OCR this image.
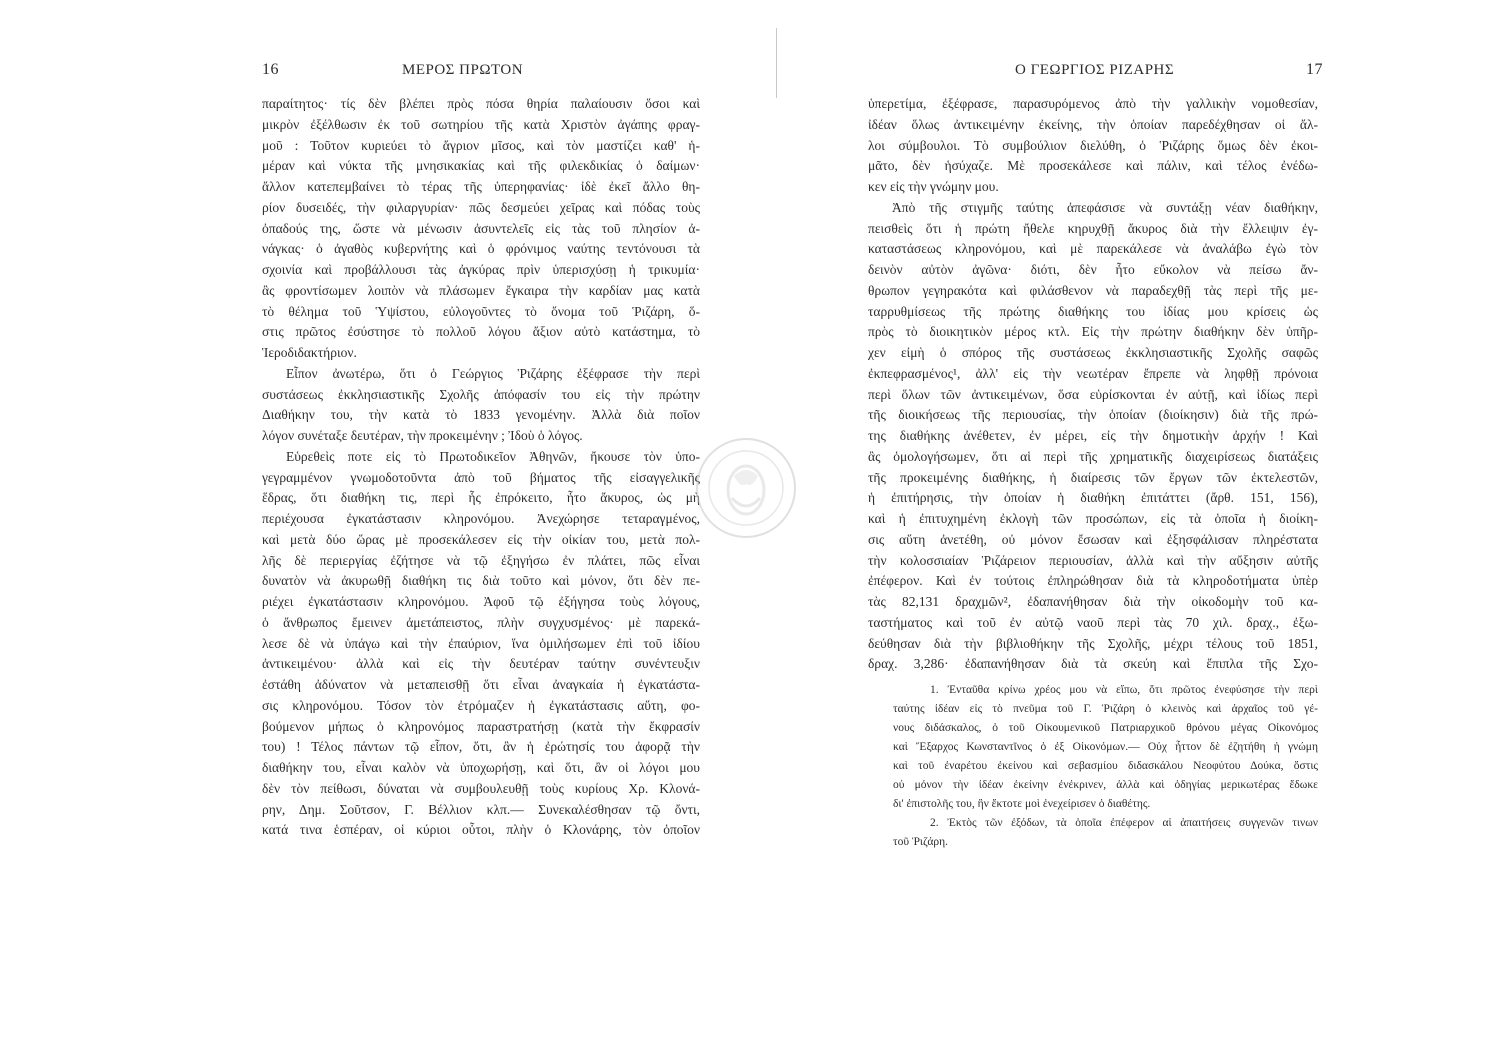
16	ΜΕΡΟΣ ΠΡΩΤΟΝ
παραίτητος· τίς δὲν βλέπει πρὸς πόσα θηρία παλαίουσιν ὅσοι καὶ
μικρὸν ἐξέλθωσιν ἐκ τοῦ σωτηρίου τῆς κατὰ Χριστὸν ἀγάπης φραγ-
μοῦ : Τοῦτον κυριεύει τὸ ἄγριον μῖσος, καὶ τὸν μαστίζει καθ' ἡ-
μέραν καὶ νύκτα τῆς μνησικακίας καὶ τῆς φιλεκδικίας ὁ δαίμων·
ἄλλον κατεπεμβαίνει τὸ τέρας τῆς ὑπερηφανίας· ἰδὲ ἐκεῖ ἄλλο θη-
ρίον δυσειδές, τὴν φιλαργυρίαν· πῶς δεσμεύει χεῖρας καὶ πόδας τοὺς
ὀπαδούς της, ὥστε νὰ μένωσιν ἀσυντελεῖς εἰς τὰς τοῦ πλησίον ἀ-
νάγκας· ὁ ἀγαθὸς κυβερνήτης καὶ ὁ φρόνιμος ναύτης τεντόνουσι τὰ
σχοινία καὶ προβάλλουσι τὰς ἀγκύρας πρὶν ὑπερισχύσῃ ἡ τρικυμία·
ἂς φροντίσωμεν λοιπὸν νὰ πλάσωμεν ἔγκαιρα τὴν καρδίαν μας κατὰ
τὸ θέλημα τοῦ Ὑψίστου, εὐλογοῦντες τὸ ὄνομα τοῦ Ῥιζάρη, ὅ-
στις πρῶτος ἐσύστησε τὸ πολλοῦ λόγου ἄξιον αὐτὸ κατάστημα, τὸ
Ἱεροδιδακτήριον.
Εἶπον ἀνωτέρω, ὅτι ὁ Γεώργιος Ῥιζάρης ἐξέφρασε τὴν περὶ
συστάσεως ἐκκλησιαστικῆς Σχολῆς ἀπόφασίν του εἰς τὴν πρώτην
Διαθήκην του, τὴν κατὰ τὸ 1833 γενομένην. Ἀλλὰ διὰ ποῖον
λόγον συνέταξε δευτέραν, τὴν προκειμένην ; Ἰδοὺ ὁ λόγος.
Εὑρεθεὶς ποτε εἰς τὸ Πρωτοδικεῖον Ἀθηνῶν, ἤκουσε τὸν ὑπο-
γεγραμμένον γνωμοδοτοῦντα ἀπὸ τοῦ βήματος τῆς εἰσαγγελικῆς
ἕδρας, ὅτι διαθήκη τις, περὶ ἧς ἐπρόκειτο, ἦτο ἄκυρος, ὡς μὴ
περιέχουσα ἐγκατάστασιν κληρονόμου. Ἀνεχώρησε τεταραγμένος,
καὶ μετὰ δύο ὥρας μὲ προσεκάλεσεν εἰς τὴν οἰκίαν του, μετὰ πολ-
λῆς δὲ περιεργίας ἐζήτησε νὰ τῷ ἐξηγήσω ἐν πλάτει, πῶς εἶναι
δυνατὸν νὰ ἀκυρωθῇ διαθήκη τις διὰ τοῦτο καὶ μόνον, ὅτι δὲν πε-
ριέχει ἐγκατάστασιν κληρονόμου. Ἀφοῦ τῷ ἐξήγησα τοὺς λόγους,
ὁ ἄνθρωπος ἔμεινεν ἀμετάπειστος, πλὴν συγχυσμένος· μὲ παρεκά-
λεσε δὲ νὰ ὑπάγω καὶ τὴν ἐπαύριον, ἵνα ὁμιλήσωμεν ἐπὶ τοῦ ἰδίου
ἀντικειμένου· ἀλλὰ καὶ εἰς τὴν δευτέραν ταύτην συνέντευξιν
ἐστάθη ἀδύνατον νὰ μεταπεισθῇ ὅτι εἶναι ἀναγκαία ἡ ἐγκατάστα-
σις κληρονόμου. Τόσον τὸν ἐτρόμαζεν ἡ ἐγκατάστασις αὕτη, φο-
βούμενον μήπως ὁ κληρονόμος παραστρατήσῃ (κατὰ τὴν ἔκφρασίν
του) ! Τέλος πάντων τῷ εἶπον, ὅτι, ἂν ἡ ἐρώτησίς του ἀφορᾷ τὴν
διαθήκην του, εἶναι καλὸν νὰ ὑποχωρήσῃ, καὶ ὅτι, ἂν οἱ λόγοι μου
δὲν τὸν πείθωσι, δύναται νὰ συμβουλευθῇ τοὺς κυρίους Χρ. Κλονά-
ρην, Δημ. Σοῦτσον, Γ. Βέλλιον κλπ.— Συνεκαλέσθησαν τῷ ὄντι,
κατά τινα ἑσπέραν, οἱ κύριοι οὗτοι, πλὴν ὁ Κλονάρης, τὸν ὁποῖον
Ο ΓΕΩΡΓΙΟΣ ΡΙΖΑΡΗΣ	17
ὑπερετίμα, ἐξέφρασε, παρασυρόμενος ἀπὸ τὴν γαλλικὴν νομοθεσίαν,
ἰδέαν ὅλως ἀντικειμένην ἐκείνης, τὴν ὁποίαν παρεδέχθησαν οἱ ἄλ-
λοι σύμβουλοι. Τὸ συμβούλιον διελύθη, ὁ Ῥιζάρης ὅμως δὲν ἐκοι-
μᾶτο, δὲν ἡσύχαζε. Μὲ προσεκάλεσε καὶ πάλιν, καὶ τέλος ἐνέδω-
κεν εἰς τὴν γνώμην μου.
Ἀπὸ τῆς στιγμῆς ταύτης ἀπεφάσισε νὰ συντάξῃ νέαν διαθήκην,
πεισθεὶς ὅτι ἡ πρώτη ἤθελε κηρυχθῇ ἄκυρος διὰ τὴν ἔλλειψιν ἐγ-
καταστάσεως κληρονόμου, καὶ μὲ παρεκάλεσε νὰ ἀναλάβω ἐγὼ τὸν
δεινὸν αὐτὸν ἀγῶνα· διότι, δὲν ἦτο εὔκολον νὰ πείσω ἄν-
θρωπον γεγηρακότα καὶ φιλάσθενον νὰ παραδεχθῇ τὰς περὶ τῆς με-
ταρρυθμίσεως τῆς πρώτης διαθήκης του ἰδίας μου κρίσεις ὡς
πρὸς τὸ διοικητικὸν μέρος κτλ. Εἰς τὴν πρώτην διαθήκην δὲν ὑπῆρ-
χεν εἰμὴ ὁ σπόρος τῆς συστάσεως ἐκκλησιαστικῆς Σχολῆς σαφῶς
ἐκπεφρασμένος¹, ἀλλ' εἰς τὴν νεωτέραν ἔπρεπε νὰ ληφθῇ πρόνοια
περὶ ὅλων τῶν ἀντικειμένων, ὅσα εὑρίσκονται ἐν αὐτῇ, καὶ ἰδίως περὶ
τῆς διοικήσεως τῆς περιουσίας, τὴν ὁποίαν (διοίκησιν) διὰ τῆς πρώ-
της διαθήκης ἀνέθετεν, ἐν μέρει, εἰς τὴν δημοτικὴν ἀρχήν ! Καὶ
ἂς ὁμολογήσωμεν, ὅτι αἱ περὶ τῆς χρηματικῆς διαχειρίσεως διατάξεις
τῆς προκειμένης διαθήκης, ἡ διαίρεσις τῶν ἔργων τῶν ἐκτελεστῶν,
ἡ ἐπιτήρησις, τὴν ὁποίαν ἡ διαθήκη ἐπιτάττει (ἄρθ. 151, 156),
καὶ ἡ ἐπιτυχημένη ἐκλογὴ τῶν προσώπων, εἰς τὰ ὁποῖα ἡ διοίκη-
σις αὕτη ἀνετέθη, οὐ μόνον ἔσωσαν καὶ ἐξησφάλισαν πληρέστατα
τὴν κολοσσιαίαν Ῥιζάρειον περιουσίαν, ἀλλὰ καὶ τὴν αὔξησιν αὐτῆς
ἐπέφερον. Καὶ ἐν τούτοις ἐπληρώθησαν διὰ τὰ κληροδοτήματα ὑπὲρ
τὰς 82,131 δραχμῶν², ἐδαπανήθησαν διὰ τὴν οἰκοδομὴν τοῦ κα-
ταστήματος καὶ τοῦ ἐν αὐτῷ ναοῦ περὶ τὰς 70 χιλ. δραχ., ἐξω-
δεύθησαν διὰ τὴν βιβλιοθήκην τῆς Σχολῆς, μέχρι τέλους τοῦ 1851,
δραχ. 3,286· ἐδαπανήθησαν διὰ τὰ σκεύη καὶ ἔπιπλα τῆς Σχο-
1. Ἐνταῦθα κρίνω χρέος μου νὰ εἴπω, ὅτι πρῶτος ἐνεφύσησε τὴν περὶ
ταύτης ἰδέαν εἰς τὸ πνεῦμα τοῦ Γ. Ῥιζάρη ὁ κλεινὸς καὶ ἀρχαῖος τοῦ γέ-
νους διδάσκαλος, ὁ τοῦ Οἰκουμενικοῦ Πατριαρχικοῦ θρόνου μέγας Οἰκονόμος
καὶ Ἔξαρχος Κωνσταντῖνος ὁ ἐξ Οἰκονόμων.— Οὐχ ἧττον δὲ ἐζητήθη ἡ γνώμη
καὶ τοῦ ἐναρέτου ἐκείνου καὶ σεβασμίου διδασκάλου Νεοφύτου Δούκα, ὅστις
οὐ μόνον τὴν ἰδέαν ἐκείνην ἐνέκρινεν, ἀλλὰ καὶ ὁδηγίας μερικωτέρας ἔδωκε
δι' ἐπιστολῆς του, ἣν ἔκτοτε μοὶ ἐνεχείρισεν ὁ διαθέτης.
2. Ἐκτὸς τῶν ἐξόδων, τὰ ὁποῖα ἐπέφερον αἱ ἀπαιτήσεις συγγενῶν τινων
τοῦ Ῥιζάρη.
